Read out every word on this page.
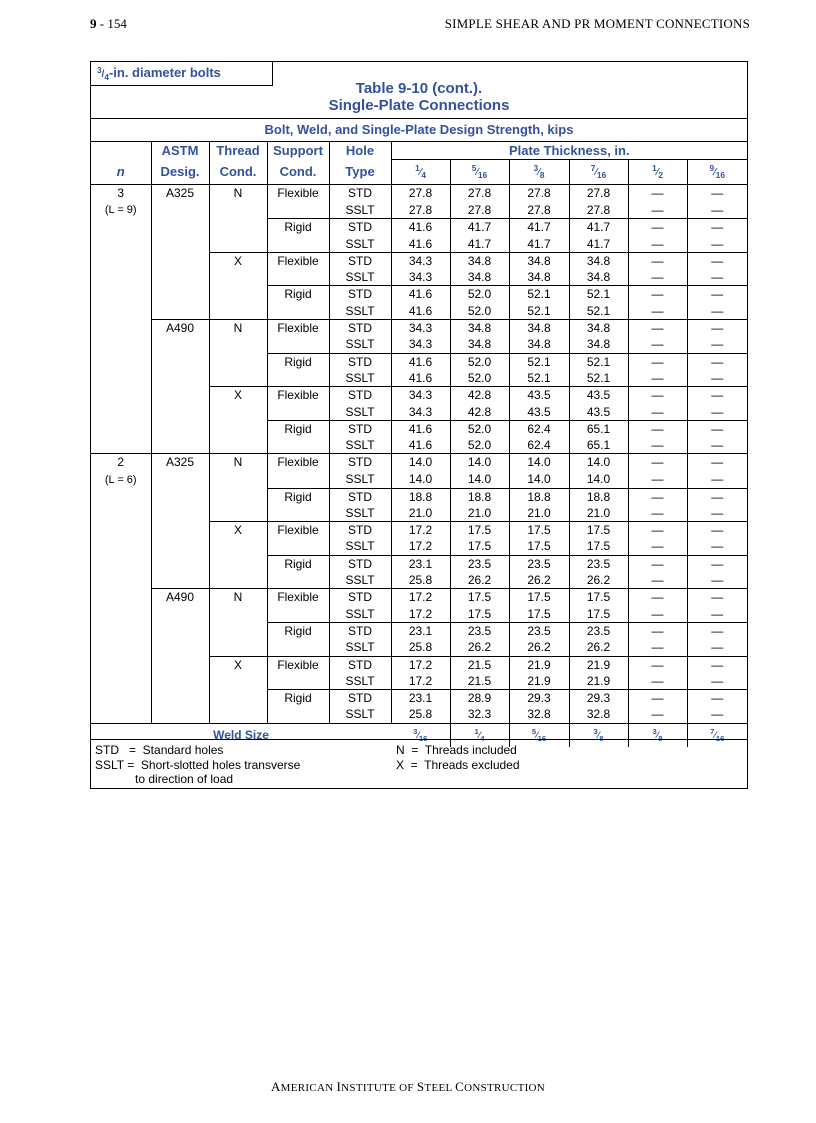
9 - 154	SIMPLE SHEAR AND PR MOMENT CONNECTIONS
$^3/_4-in$. diameter bolts
Table 9-10 (cont.).
Single-Plate Connections
Bolt, Weld, and Single-Plate Design Strength, kips
	ASTM	Thread	Support	Hole	Plate Thickness, in.					
n	Desig.	Cond.	Cond.	Type	$^1⁄_4$	$^5⁄_{16}$	$^3⁄_8$	$^7⁄_{16}$	$^1⁄_2$	$^9⁄_{16}$
3	A325	N	Flexible	STD	27.8	27.8	27.8	27.8	—	—
(L = 9)				SSLT	27.8	27.8	27.8	27.8	—	—
			Rigid	STD	41.6	41.7	41.7	41.7	—	—
				SSLT	41.6	41.7	41.7	41.7	—	—
		X	Flexible	STD	34.3	34.8	34.8	34.8	—	—
				SSLT	34.3	34.8	34.8	34.8	—	—
			Rigid	STD	41.6	52.0	52.1	52.1	—	—
				SSLT	41.6	52.0	52.1	52.1	—	—
	A490	N	Flexible	STD	34.3	34.8	34.8	34.8	—	—
				SSLT	34.3	34.8	34.8	34.8	—	—
			Rigid	STD	41.6	52.0	52.1	52.1	—	—
				SSLT	41.6	52.0	52.1	52.1	—	—
		X	Flexible	STD	34.3	42.8	43.5	43.5	—	—
				SSLT	34.3	42.8	43.5	43.5	—	—
			Rigid	STD	41.6	52.0	62.4	65.1	—	—
				SSLT	41.6	52.0	62.4	65.1	—	—
2	A325	N	Flexible	STD	14.0	14.0	14.0	14.0	—	—
(L = 6)				SSLT	14.0	14.0	14.0	14.0	—	—
			Rigid	STD	18.8	18.8	18.8	18.8	—	—
				SSLT	21.0	21.0	21.0	21.0	—	—
		X	Flexible	STD	17.2	17.5	17.5	17.5	—	—
				SSLT	17.2	17.5	17.5	17.5	—	—
			Rigid	STD	23.1	23.5	23.5	23.5	—	—
				SSLT	25.8	26.2	26.2	26.2	—	—
	A490	N	Flexible	STD	17.2	17.5	17.5	17.5	—	—
				SSLT	17.2	17.5	17.5	17.5	—	—
			Rigid	STD	23.1	23.5	23.5	23.5	—	—
				SSLT	25.8	26.2	26.2	26.2	—	—
		X	Flexible	STD	17.2	21.5	21.9	21.9	—	—
				SSLT	17.2	21.5	21.9	21.9	—	—
			Rigid	STD	23.1	28.9	29.3	29.3	—	—
				SSLT	25.8	32.3	32.8	32.8	—	—
Weld Size					$^3⁄_{16}$	$^1⁄_4$	$^5⁄_{16}$	$^3⁄_8$	$^3⁄_8$	$^7⁄_{16}$
STD   =  Standard holes
SSLT =  Short-slotted holes transverse
to direction of load
N  =  Threads included
X  =  Threads excluded
AMERICAN INSTITUTE OF STEEL CONSTRUCTION
